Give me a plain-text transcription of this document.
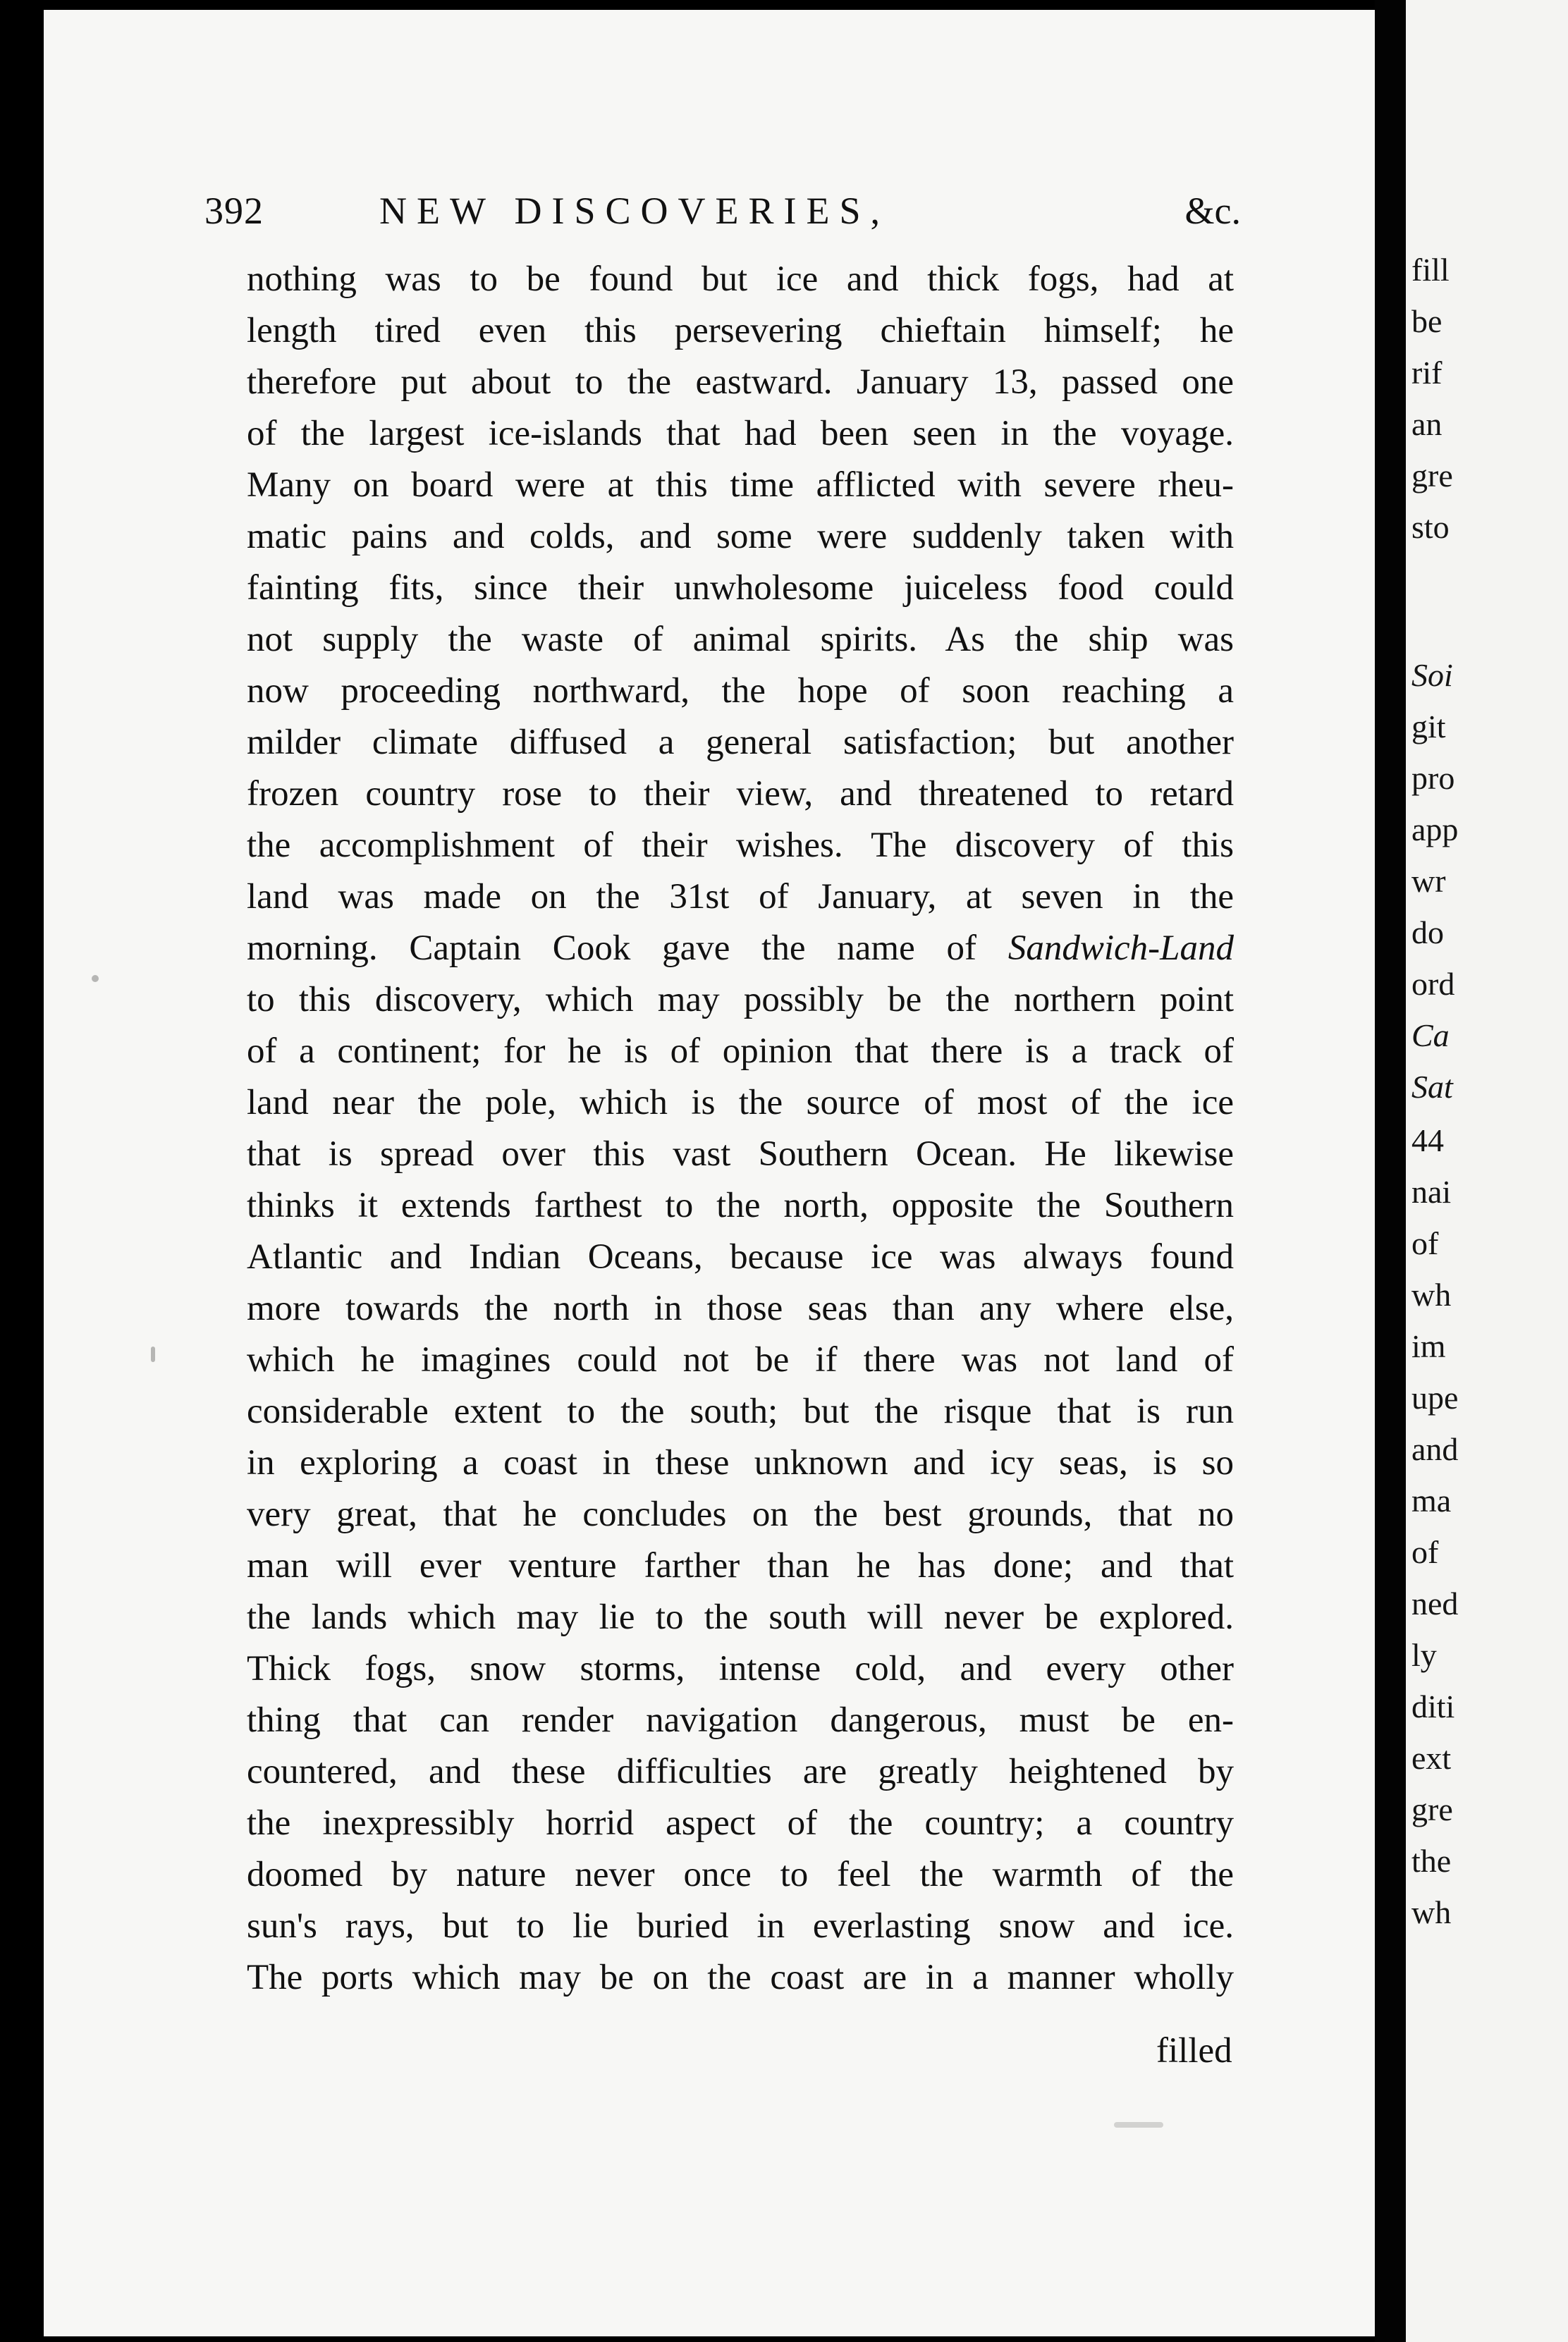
fill
be
rif
an
gre
sto
Soi
git
pro
app
wr
do
ord
Ca
Sat
44
nai
of
wh
im
upe
and
ma
of
ned
ly
diti
ext
gre
the
wh
392	NEW DISCOVERIES,	&c.
nothing was to be found but ice and thick fogs, had at
length tired even this persevering chieftain himself; he
therefore put about to the eastward. January 13, passed one
of the largest ice-islands that had been seen in the voyage.
Many on board were at this time afflicted with severe rheu-
matic pains and colds, and some were suddenly taken with
fainting fits, since their unwholesome juiceless food could
not supply the waste of animal spirits. As the ship was
now proceeding northward, the hope of soon reaching a
milder climate diffused a general satisfaction; but another
frozen country rose to their view, and threatened to retard
the accomplishment of their wishes. The discovery of this
land was made on the 31st of January, at seven in the
morning. Captain Cook gave the name of Sandwich-Land
to this discovery, which may possibly be the northern point
of a continent; for he is of opinion that there is a track of
land near the pole, which is the source of most of the ice
that is spread over this vast Southern Ocean. He likewise
thinks it extends farthest to the north, opposite the Southern
Atlantic and Indian Oceans, because ice was always found
more towards the north in those seas than any where else,
which he imagines could not be if there was not land of
considerable extent to the south; but the risque that is run
in exploring a coast in these unknown and icy seas, is so
very great, that he concludes on the best grounds, that no
man will ever venture farther than he has done; and that
the lands which may lie to the south will never be explored.
Thick fogs, snow storms, intense cold, and every other
thing that can render navigation dangerous, must be en-
countered, and these difficulties are greatly heightened by
the inexpressibly horrid aspect of the country; a country
doomed by nature never once to feel the warmth of the
sun's rays, but to lie buried in everlasting snow and ice.
The ports which may be on the coast are in a manner wholly
filled
